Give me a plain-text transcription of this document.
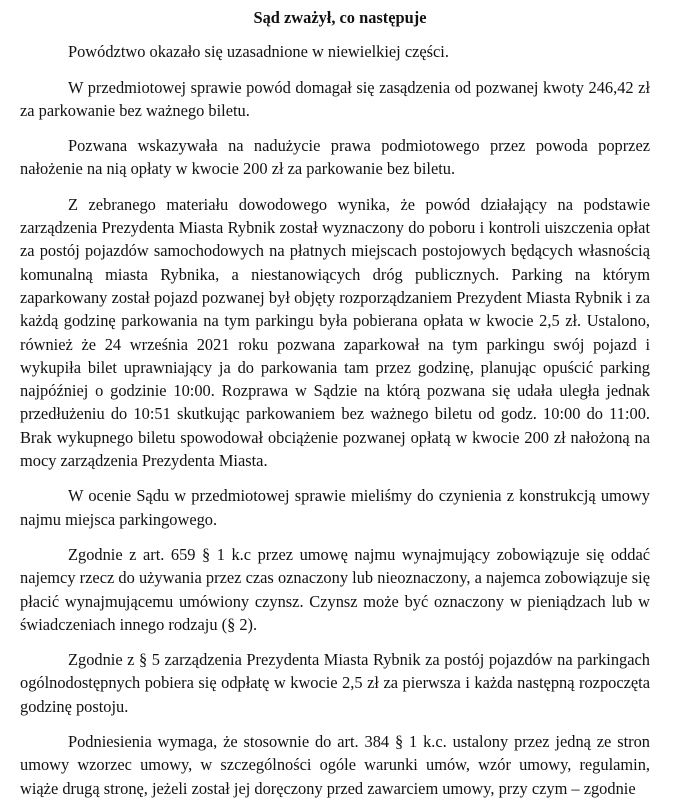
Sąd zważył, co następuje

Powództwo okazało się uzasadnione w niewielkiej części.

W przedmiotowej sprawie powód domagał się zasądzenia od pozwanej kwoty 246,42 zł za parkowanie bez ważnego biletu.

Pozwana wskazywała na nadużycie prawa podmiotowego przez powoda poprzez nałożenie na nią opłaty w kwocie 200 zł za parkowanie bez biletu.

Z zebranego materiału dowodowego wynika, że powód działający na podstawie zarządzenia Prezydenta Miasta Rybnik został wyznaczony do poboru i kontroli uiszczenia opłat za postój pojazdów samochodowych na płatnych miejscach postojowych będących własnością komunalną miasta Rybnika, a niestanowiących dróg publicznych. Parking na którym zaparkowany został pojazd pozwanej był objęty rozporządzaniem Prezydent Miasta Rybnik i za każdą godzinę parkowania na tym parkingu była pobierana opłata w kwocie 2,5 zł. Ustalono, również że 24 września 2021 roku pozwana zaparkował na tym parkingu swój pojazd i wykupiła bilet uprawniający ja do parkowania tam przez godzinę, planując opuścić parking najpóźniej o godzinie 10:00. Rozprawa w Sądzie na którą pozwana się udała uległa jednak przedłużeniu do 10:51 skutkując parkowaniem bez ważnego biletu od godz. 10:00 do 11:00. Brak wykupnego biletu spowodował obciążenie pozwanej opłatą w kwocie 200 zł nałożoną na mocy zarządzenia Prezydenta Miasta.

W ocenie Sądu w przedmiotowej sprawie mieliśmy do czynienia z konstrukcją umowy najmu miejsca parkingowego.

Zgodnie z art. 659 § 1 k.c przez umowę najmu wynajmujący zobowiązuje się oddać najemcy rzecz do używania przez czas oznaczony lub nieoznaczony, a najemca zobowiązuje się płacić wynajmującemu umówiony czynsz. Czynsz może być oznaczony w pieniądzach lub w świadczeniach innego rodzaju (§ 2).

Zgodnie z § 5 zarządzenia Prezydenta Miasta Rybnik za postój pojazdów na parkingach ogólnodostępnych pobiera się odpłatę w kwocie 2,5 zł za pierwsza i każda następną rozpoczęta godzinę postoju.

Podniesienia wymaga, że stosownie do art. 384 § 1 k.c. ustalony przez jedną ze stron umowy wzorzec umowy, w szczególności ogóle warunki umów, wzór umowy, regulamin, wiąże drugą stronę, jeżeli został jej doręczony przed zawarciem umowy, przy czym – zgodnie
